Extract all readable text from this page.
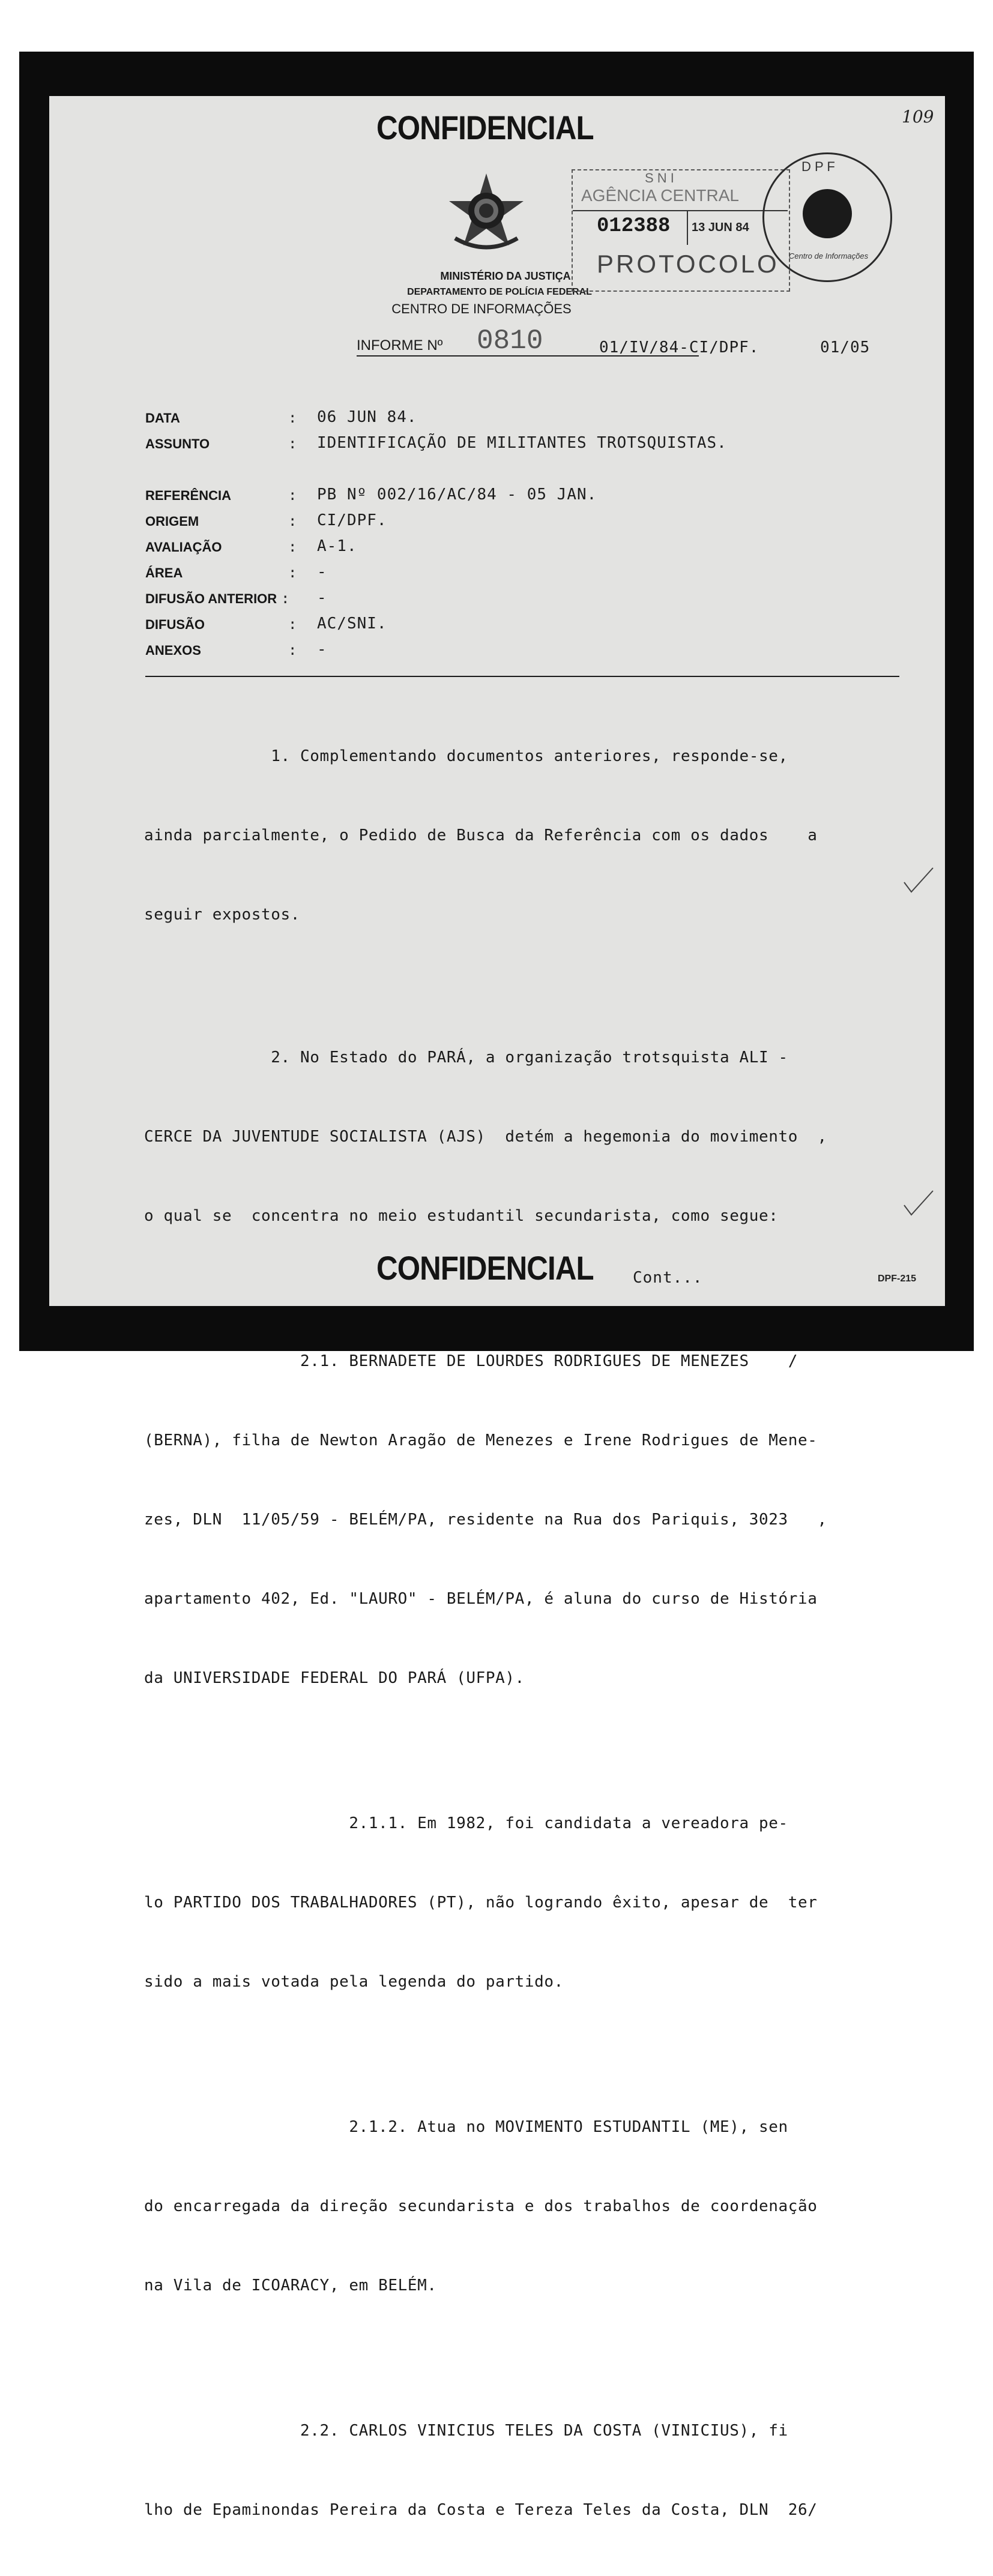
109
CONFIDENCIAL
MINISTÉRIO DA JUSTIÇA
DEPARTAMENTO DE POLÍCIA FEDERAL
CENTRO DE INFORMAÇÕES
S N I
AGÊNCIA CENTRAL
012388 13 JUN 84
PROTOCOLO
D P F
Centro de Informações
INFORME Nº 0810	01/IV/84-CI/DPF.	01/05
DATA	: 06 JUN 84.
ASSUNTO	: IDENTIFICAÇÃO DE MILITANTES TROTSQUISTAS.
REFERÊNCIA	: PB Nº 002/16/AC/84 - 05 JAN.
ORIGEM	: CI/DPF.
AVALIAÇÃO	: A-1.
ÁREA	: -
DIFUSÃO ANTERIOR : -
DIFUSÃO	: AC/SNI.
ANEXOS	: -

1. Complementando documentos anteriores, responde-se,

ainda parcialmente, o Pedido de Busca da Referência com os dados    a

seguir expostos.

2. No Estado do PARÁ, a organização trotsquista ALI -

CERCE DA JUVENTUDE SOCIALISTA (AJS)  detém a hegemonia do movimento  ,

o qual se  concentra no meio estudantil secundarista, como segue:

2.1. BERNADETE DE LOURDES RODRIGUES DE MENEZES    /

(BERNA), filha de Newton Aragão de Menezes e Irene Rodrigues de Mene-

zes, DLN  11/05/59 - BELÉM/PA, residente na Rua dos Pariquis, 3023   ,

apartamento 402, Ed. "LAURO" - BELÉM/PA, é aluna do curso de História

da UNIVERSIDADE FEDERAL DO PARÁ (UFPA).

2.1.1. Em 1982, foi candidata a vereadora pe-

lo PARTIDO DOS TRABALHADORES (PT), não logrando êxito, apesar de  ter

sido a mais votada pela legenda do partido.

2.1.2. Atua no MOVIMENTO ESTUDANTIL (ME), sen

do encarregada da direção secundarista e dos trabalhos de coordenação

na Vila de ICOARACY, em BELÉM.

2.2. CARLOS VINICIUS TELES DA COSTA (VINICIUS), fi

lho de Epaminondas Pereira da Costa e Tereza Teles da Costa, DLN  26/

CONFIDENCIAL	Cont...	DPF-215
